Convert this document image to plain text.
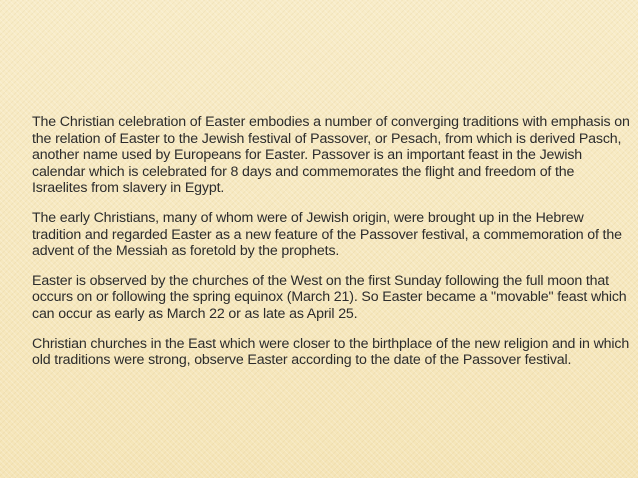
The Christian celebration of Easter embodies a number of converging traditions with emphasis on the relation of Easter to the Jewish festival of Passover, or Pesach, from which is derived Pasch, another name used by Europeans for Easter. Passover is an important feast in the Jewish calendar which is celebrated for 8 days and commemorates the flight and freedom of the Israelites from slavery in Egypt.

The early Christians, many of whom were of Jewish origin, were brought up in the Hebrew tradition and regarded Easter as a new feature of the Passover festival, a commemoration of the advent of the Messiah as foretold by the prophets.

Easter is observed by the churches of the West on the first Sunday following the full moon that occurs on or following the spring equinox (March 21). So Easter became a "movable" feast which can occur as early as March 22 or as late as April 25.

Christian churches in the East which were closer to the birthplace of the new religion and in which old traditions were strong, observe Easter according to the date of the Passover festival.
